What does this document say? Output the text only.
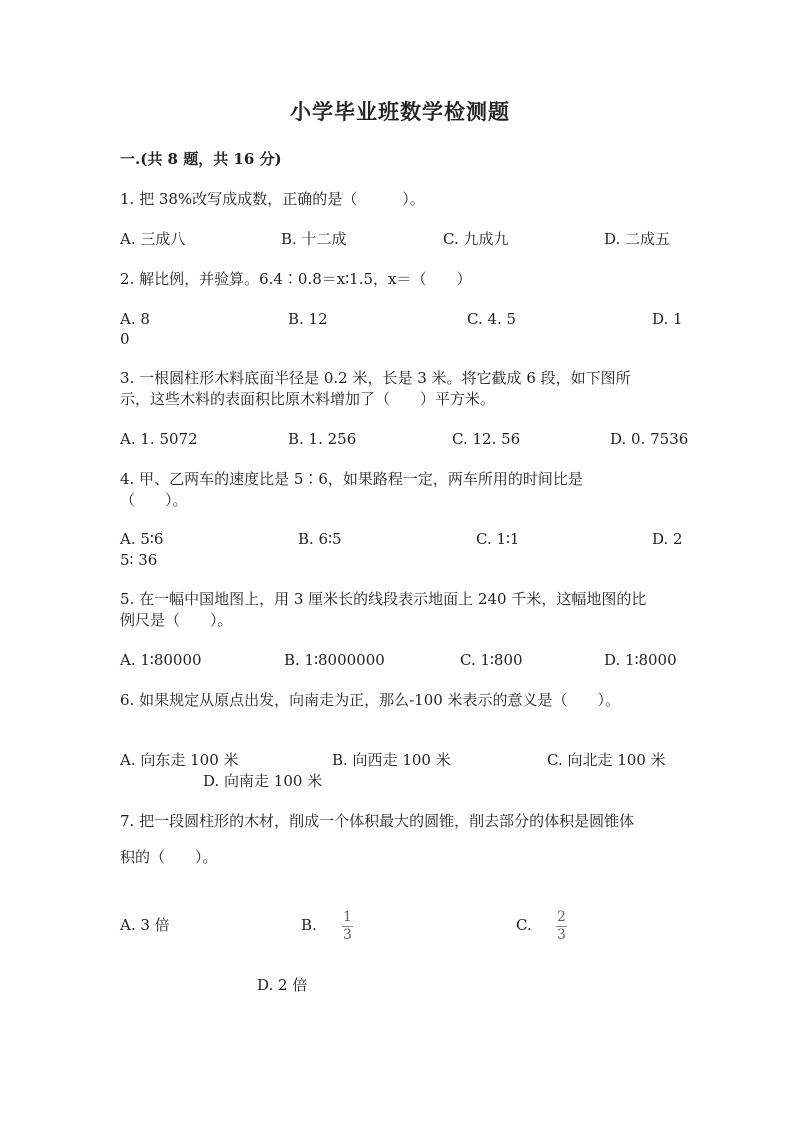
小学毕业班数学检测题
一.(共 8 题，共 16 分)
1. 把 38%改写成成数，正确的是（　　　）。
A. 三成八	B. 十二成	C. 九成九	D. 二成五
2. 解比例，并验算。6.4∶0.8＝x∶1.5，x＝（　　）
A. 8	B. 12	C. 4. 5	D. 1
0
3. 一根圆柱形木料底面半径是 0.2 米，长是 3 米。将它截成 6 段，如下图所
示，这些木料的表面积比原木料增加了（　　）平方米。
A. 1. 5072	B. 1. 256	C. 12. 56	D. 0. 7536
4. 甲、乙两车的速度比是 5∶6，如果路程一定，两车所用的时间比是
（　　）。
A. 5∶6	B. 6∶5	C. 1∶1	D. 2
5∶ 36
5. 在一幅中国地图上，用 3 厘米长的线段表示地面上 240 千米，这幅地图的比
例尺是（　　）。
A. 1∶80000	B. 1∶8000000	C. 1∶800	D. 1∶8000
6. 如果规定从原点出发，向南走为正，那么-100 米表示的意义是（　　）。
A. 向东走 100 米	B. 向西走 100 米	C. 向北走 100 米
D. 向南走 100 米
7. 把一段圆柱形的木材，削成一个体积最大的圆锥，削去部分的体积是圆锥体
积的（　　）。
A. 3 倍	B. 1
3
C. 2
3
D. 2 倍
